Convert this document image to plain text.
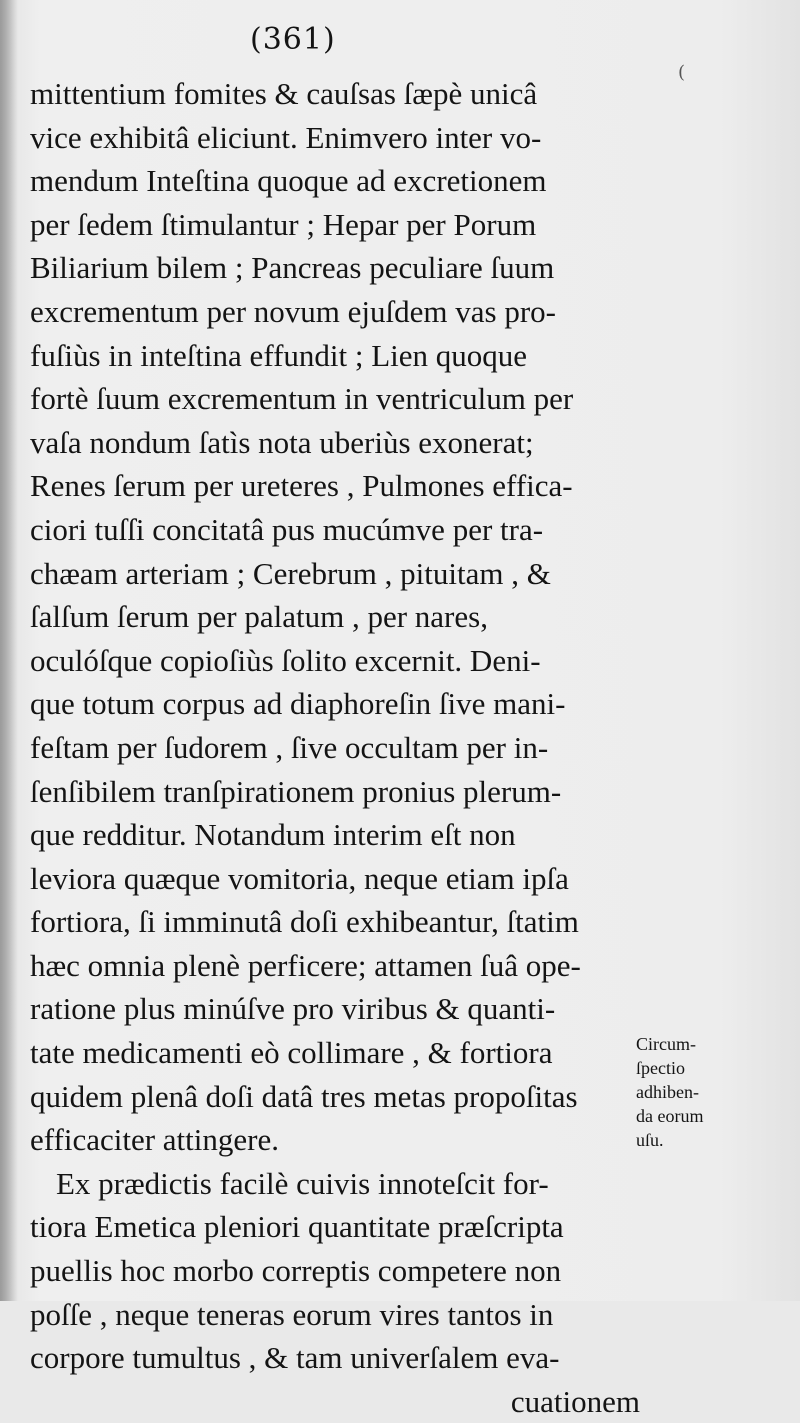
(361)
(
mittentium fomites & cauſsas ſæpè unicâ
vice exhibitâ eliciunt. Enimvero inter vo-
mendum Inteſtina quoque ad excretionem
per ſedem ſtimulantur ; Hepar per Porum
Biliarium bilem ; Pancreas peculiare ſuum
excrementum per novum ejuſdem vas pro-
fuſiùs in inteſtina effundit ; Lien quoque
fortè ſuum excrementum in ventriculum per
vaſa nondum ſatìs nota uberiùs exonerat;
Renes ſerum per ureteres , Pulmones efficа-
ciori tuſſi concitatâ pus mucúmve per tra-
chæam arteriam ; Cerebrum , pituitam , &
ſalſum ſerum per palatum , per nares,
oculóſque copioſiùs ſolito excernit. Deni-
que totum corpus ad diaphoreſin ſive mani-
feſtam per ſudorem , ſive occultam per in-
ſenſibilem tranſpirationem pronius plerum-
que redditur. Notandum interim eſt non
leviora quæque vomitoria, neque etiam ipſa
fortiora, ſi imminutâ doſi exhibeantur, ſtatim
hæc omnia plenè perficere; attamen ſuâ ope-
ratione plus minúſve pro viribus & quanti-
tate medicamenti eò collimare , & fortiora
quidem plenâ doſi datâ tres metas propoſitas
efficaciter attingere.
Ex prædictis facilè cuivis innoteſcit for-
tiora Emetica pleniori quantitate præſcripta
puellis hoc morbo correptis competere non
poſſe , neque teneras eorum vires tantos in
corpore tumultus , & tam univerſalem eva-
cuationem
Circum-
ſpectio
adhiben-
da eorum
uſu.
